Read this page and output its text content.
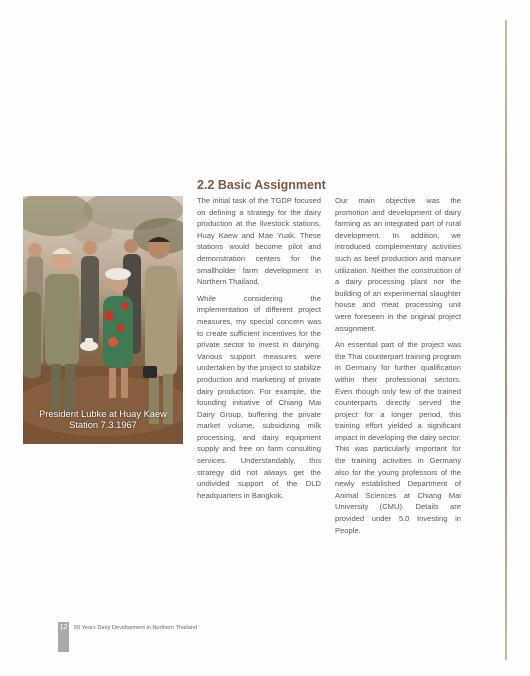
President Lubke at Huay Kaew
Station 7.3.1967
2.2 Basic Assignment

The initial task of the TGDP focused on defining a strategy for the dairy production at the livestock stations, Huay Kaew and Mae Yuak. These stations would become pilot and demonstration centers for the smallholder farm development in Northern Thailand.

While considering the implementation of different project measures, my special concern was to create sufficient incentives for the private sector to invest in dairying. Various support measures were undertaken by the project to stabilize production and marketing of private dairy production. For example, the founding initiative of Chiang Mai Dairy Group, buffering the private market volume, subsidizing milk processing, and dairy equipment supply and free on farm consulting services. Understandably, this strategy did not always get the undivided support of the DLD headquarters in Bangkok.

Our main objective was the promotion and development of dairy farming as an integrated part of rural development. In addition, we introduced complementary activities such as beef production and manure utilization. Neither the construction of a dairy processing plant nor the building of an experimental slaughter house and meat processing unit were foreseen in the original project assignment.

An essential part of the project was the Thai counterpart training program in Germany for further qualification within their professional sectors. Even though only few of the trained counterparts directly served the project for a longer period, this training effort yielded a significant impact in developing the dairy sector. This was particularly important for the training activities in Germany also for the young professors of the newly established Department of Animal Sciences at Chiang Mai University (CMU). Details are provided under 5.0 Investing in People.

12 50 Years Dairy Development in Northern Thailand
